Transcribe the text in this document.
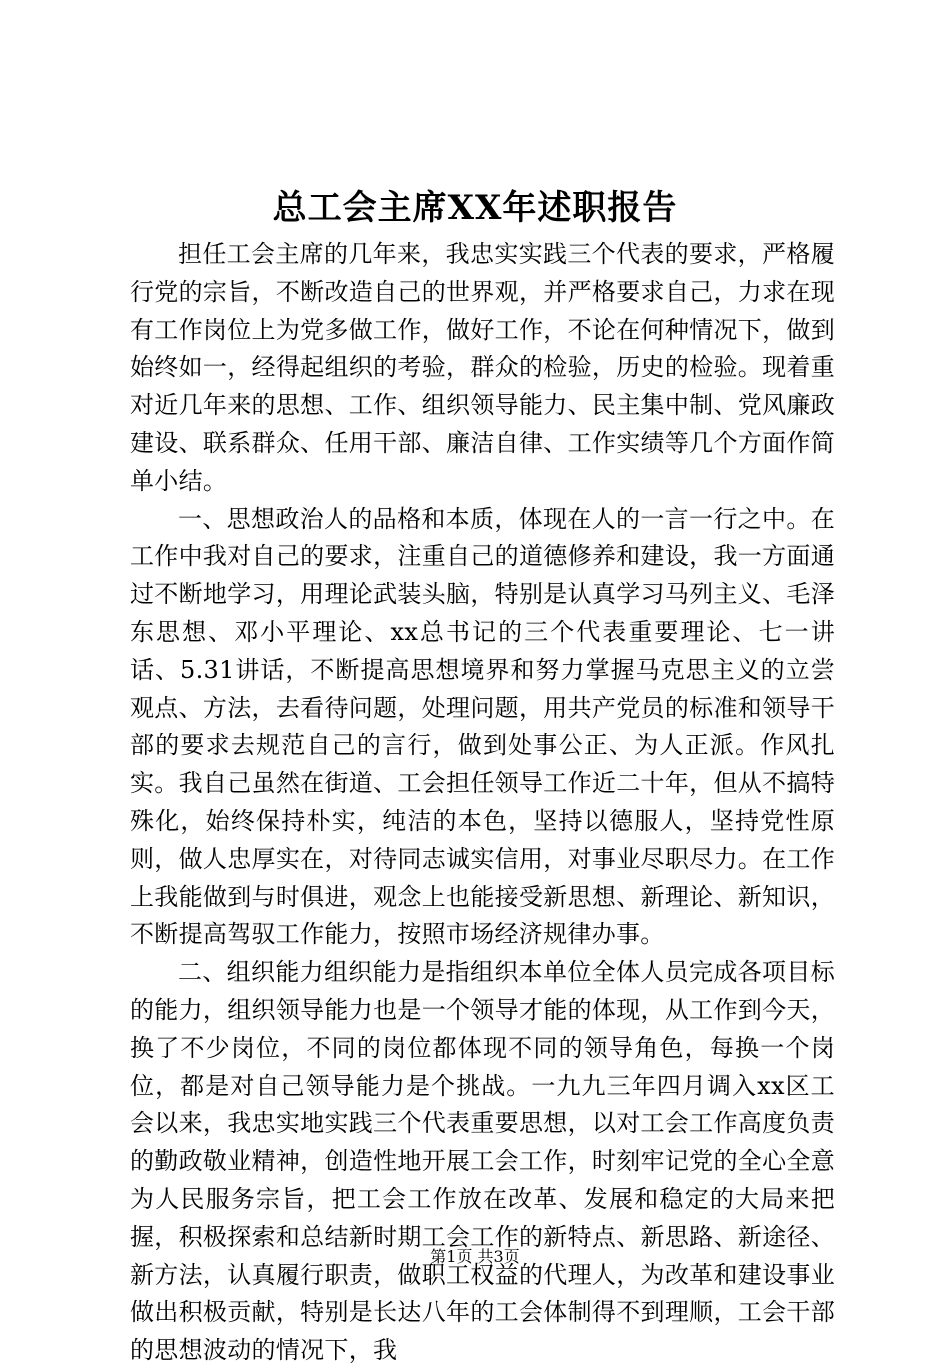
总工会主席XX年述职报告

担任工会主席的几年来，我忠实实践三个代表的要求，严格履行党的宗旨，不断改造自己的世界观，并严格要求自己，力求在现有工作岗位上为党多做工作，做好工作，不论在何种情况下，做到始终如一，经得起组织的考验，群众的检验，历史的检验。现着重对近几年来的思想、工作、组织领导能力、民主集中制、党风廉政建设、联系群众、任用干部、廉洁自律、工作实绩等几个方面作简单小结。

一、思想政治人的品格和本质，体现在人的一言一行之中。在工作中我对自己的要求，注重自己的道德修养和建设，我一方面通过不断地学习，用理论武装头脑，特别是认真学习马列主义、毛泽东思想、邓小平理论、xx总书记的三个代表重要理论、七一讲话、5.31讲话，不断提高思想境界和努力掌握马克思主义的立尝观点、方法，去看待问题，处理问题，用共产党员的标准和领导干部的要求去规范自己的言行，做到处事公正、为人正派。作风扎实。我自己虽然在街道、工会担任领导工作近二十年，但从不搞特殊化，始终保持朴实，纯洁的本色，坚持以德服人，坚持党性原则，做人忠厚实在，对待同志诚实信用，对事业尽职尽力。在工作上我能做到与时俱进，观念上也能接受新思想、新理论、新知识，不断提高驾驭工作能力，按照市场经济规律办事。

二、组织能力组织能力是指组织本单位全体人员完成各项目标的能力，组织领导能力也是一个领导才能的体现，从工作到今天，换了不少岗位，不同的岗位都体现不同的领导角色，每换一个岗位，都是对自己领导能力是个挑战。一九九三年四月调入xx区工会以来，我忠实地实践三个代表重要思想，以对工会工作高度负责的勤政敬业精神，创造性地开展工会工作，时刻牢记党的全心全意为人民服务宗旨，把工会工作放在改革、发展和稳定的大局来把握，积极探索和总结新时期工会工作的新特点、新思路、新途径、新方法，认真履行职责，做职工权益的代理人，为改革和建设事业做出积极贡献，特别是长达八年的工会体制得不到理顺，工会干部的思想波动的情况下，我

第1页 共3页
